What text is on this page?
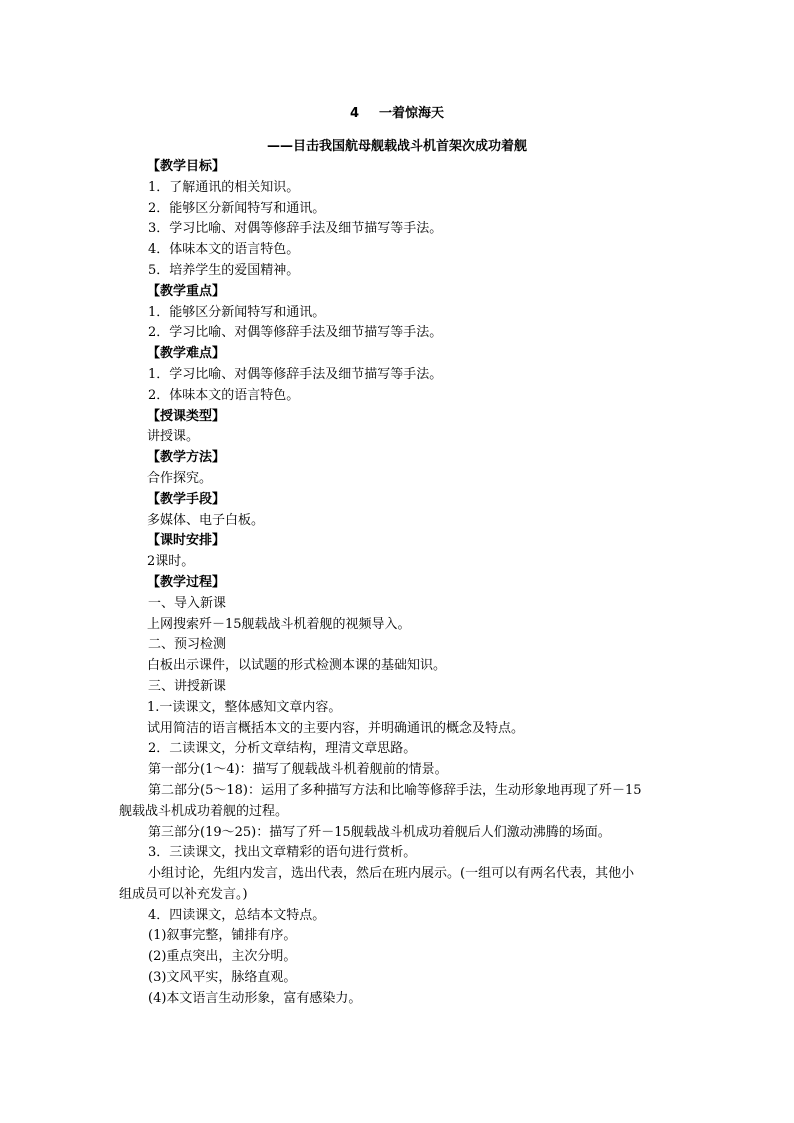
4 一着惊海天
——目击我国航母舰载战斗机首架次成功着舰
【教学目标】
1．了解通讯的相关知识。
2．能够区分新闻特写和通讯。
3．学习比喻、对偶等修辞手法及细节描写等手法。
4．体味本文的语言特色。
5．培养学生的爱国精神。
【教学重点】
1．能够区分新闻特写和通讯。
2．学习比喻、对偶等修辞手法及细节描写等手法。
【教学难点】
1．学习比喻、对偶等修辞手法及细节描写等手法。
2．体味本文的语言特色。
【授课类型】
讲授课。
【教学方法】
合作探究。
【教学手段】
多媒体、电子白板。
【课时安排】
2课时。
【教学过程】
一、导入新课
上网搜索歼－15舰载战斗机着舰的视频导入。
二、预习检测
白板出示课件，以试题的形式检测本课的基础知识。
三、讲授新课
1.一读课文，整体感知文章内容。
试用简洁的语言概括本文的主要内容，并明确通讯的概念及特点。
2．二读课文，分析文章结构，理清文章思路。
第一部分(1～4)：描写了舰载战斗机着舰前的情景。
第二部分(5～18)：运用了多种描写方法和比喻等修辞手法，生动形象地再现了歼－15
舰载战斗机成功着舰的过程。
第三部分(19～25)：描写了歼－15舰载战斗机成功着舰后人们激动沸腾的场面。
3．三读课文，找出文章精彩的语句进行赏析。
小组讨论，先组内发言，选出代表，然后在班内展示。(一组可以有两名代表，其他小
组成员可以补充发言。)
4．四读课文，总结本文特点。
(1)叙事完整，铺排有序。
(2)重点突出，主次分明。
(3)文风平实，脉络直观。
(4)本文语言生动形象，富有感染力。
